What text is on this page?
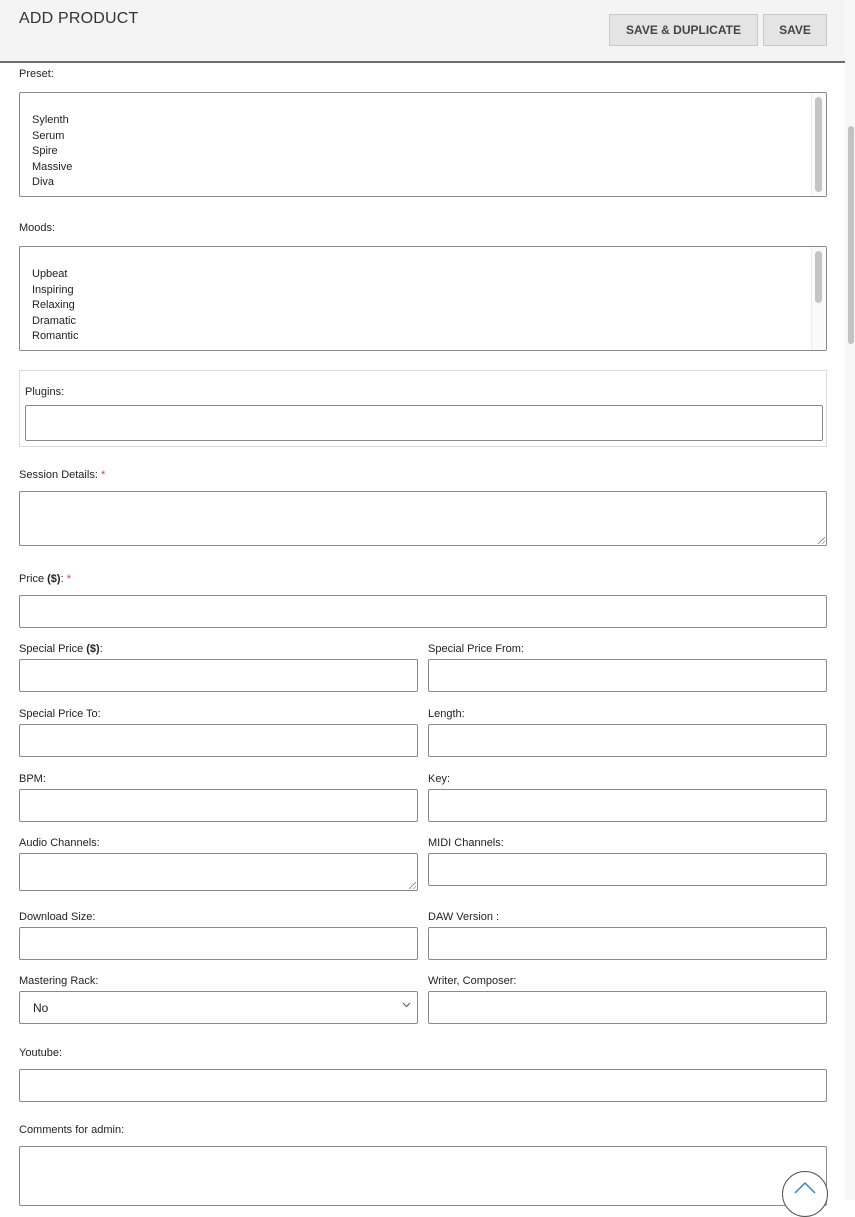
ADD PRODUCT
SAVE & DUPLICATE	SAVE
Preset:
Sylenth
Serum
Spire
Massive
Diva
Moods:
Upbeat
Inspiring
Relaxing
Dramatic
Romantic
Plugins:
Session Details: *
Price ($): *
Special Price ($):	Special Price From:
Special Price To:	Length:
BPM:	Key:
Audio Channels:	MIDI Channels:
Download Size:	DAW Version :
Mastering Rack:
No
Writer, Composer:
Youtube:
Comments for admin:
